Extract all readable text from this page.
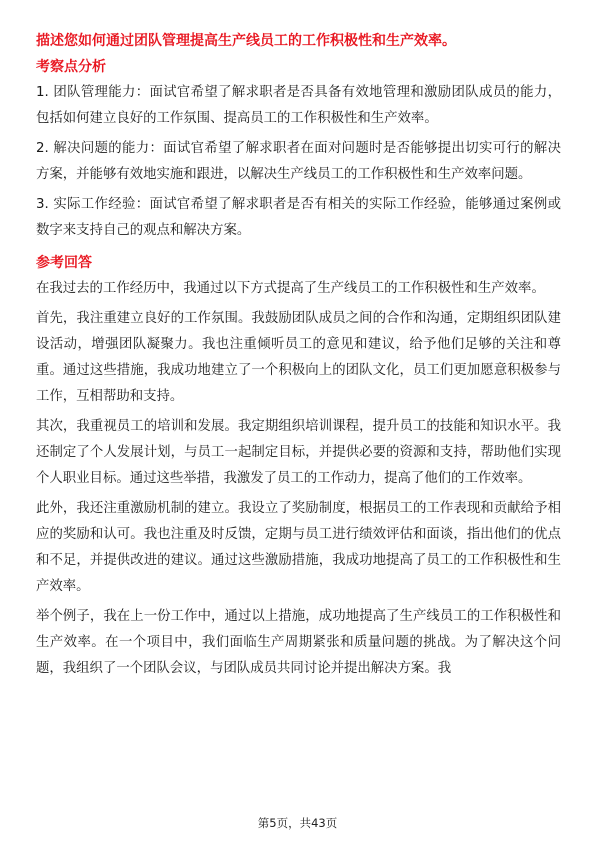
描述您如何通过团队管理提高生产线员工的工作积极性和生产效率。

考察点分析

1. 团队管理能力：面试官希望了解求职者是否具备有效地管理和激励团队成员的能力，包括如何建立良好的工作氛围、提高员工的工作积极性和生产效率。

2. 解决问题的能力：面试官希望了解求职者在面对问题时是否能够提出切实可行的解决方案，并能够有效地实施和跟进，以解决生产线员工的工作积极性和生产效率问题。

3. 实际工作经验：面试官希望了解求职者是否有相关的实际工作经验，能够通过案例或数字来支持自己的观点和解决方案。

参考回答

在我过去的工作经历中，我通过以下方式提高了生产线员工的工作积极性和生产效率。

首先，我注重建立良好的工作氛围。我鼓励团队成员之间的合作和沟通，定期组织团队建设活动，增强团队凝聚力。我也注重倾听员工的意见和建议，给予他们足够的关注和尊重。通过这些措施，我成功地建立了一个积极向上的团队文化，员工们更加愿意积极参与工作，互相帮助和支持。

其次，我重视员工的培训和发展。我定期组织培训课程，提升员工的技能和知识水平。我还制定了个人发展计划，与员工一起制定目标，并提供必要的资源和支持，帮助他们实现个人职业目标。通过这些举措，我激发了员工的工作动力，提高了他们的工作效率。

此外，我还注重激励机制的建立。我设立了奖励制度，根据员工的工作表现和贡献给予相应的奖励和认可。我也注重及时反馈，定期与员工进行绩效评估和面谈，指出他们的优点和不足，并提供改进的建议。通过这些激励措施，我成功地提高了员工的工作积极性和生产效率。

举个例子，我在上一份工作中，通过以上措施，成功地提高了生产线员工的工作积极性和生产效率。在一个项目中，我们面临生产周期紧张和质量问题的挑战。为了解决这个问题，我组织了一个团队会议，与团队成员共同讨论并提出解决方案。我

第5页，共43页
